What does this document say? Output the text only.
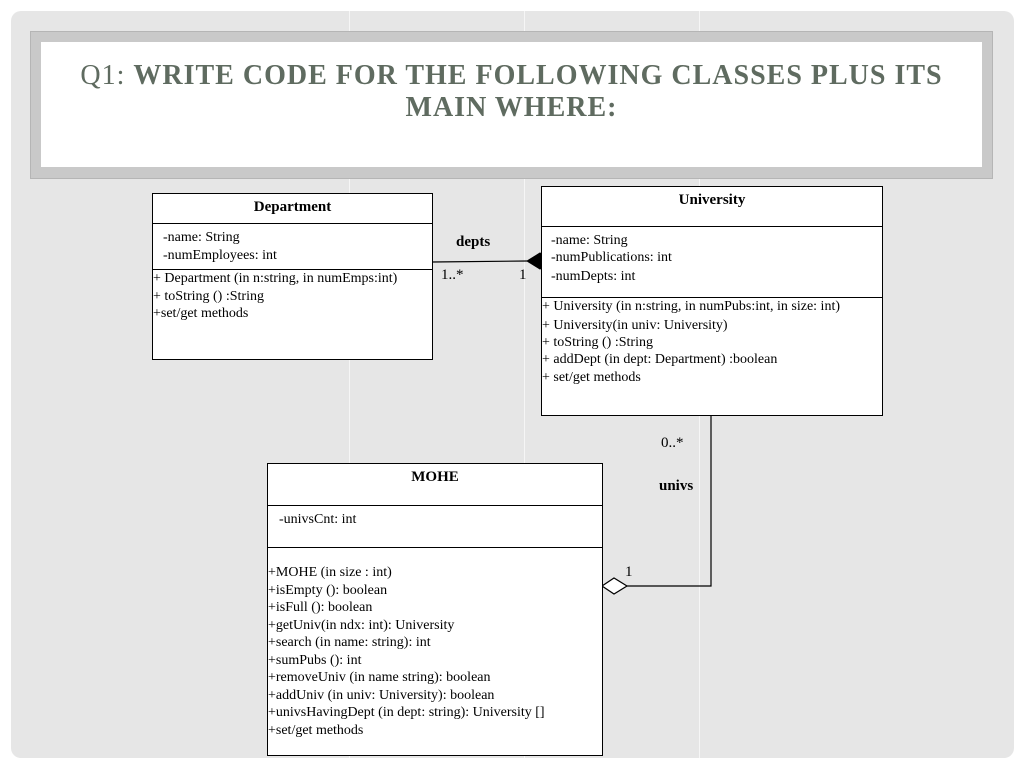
Q1: WRITE CODE FOR THE FOLLOWING CLASSES PLUS ITS MAIN WHERE:
Department
-name: String
-numEmployees: int
+ Department (in n:string, in numEmps:int)
+ toString () :String
+set/get methods
University
-name: String
-numPublications: int
-numDepts: int
+ University (in n:string, in numPubs:int, in size: int)
+ University(in univ: University)
+ toString () :String
+ addDept (in dept: Department) :boolean
+ set/get methods
MOHE
-univsCnt: int
+MOHE (in size : int)
+isEmpty (): boolean
+isFull (): boolean
+getUniv(in ndx: int): University
+search (in name: string): int
+sumPubs (): int
+removeUniv (in name string): boolean
+addUniv (in univ: University): boolean
+univsHavingDept (in dept: string): University []
+set/get methods
depts
1..*	1
0..*
univs
1
